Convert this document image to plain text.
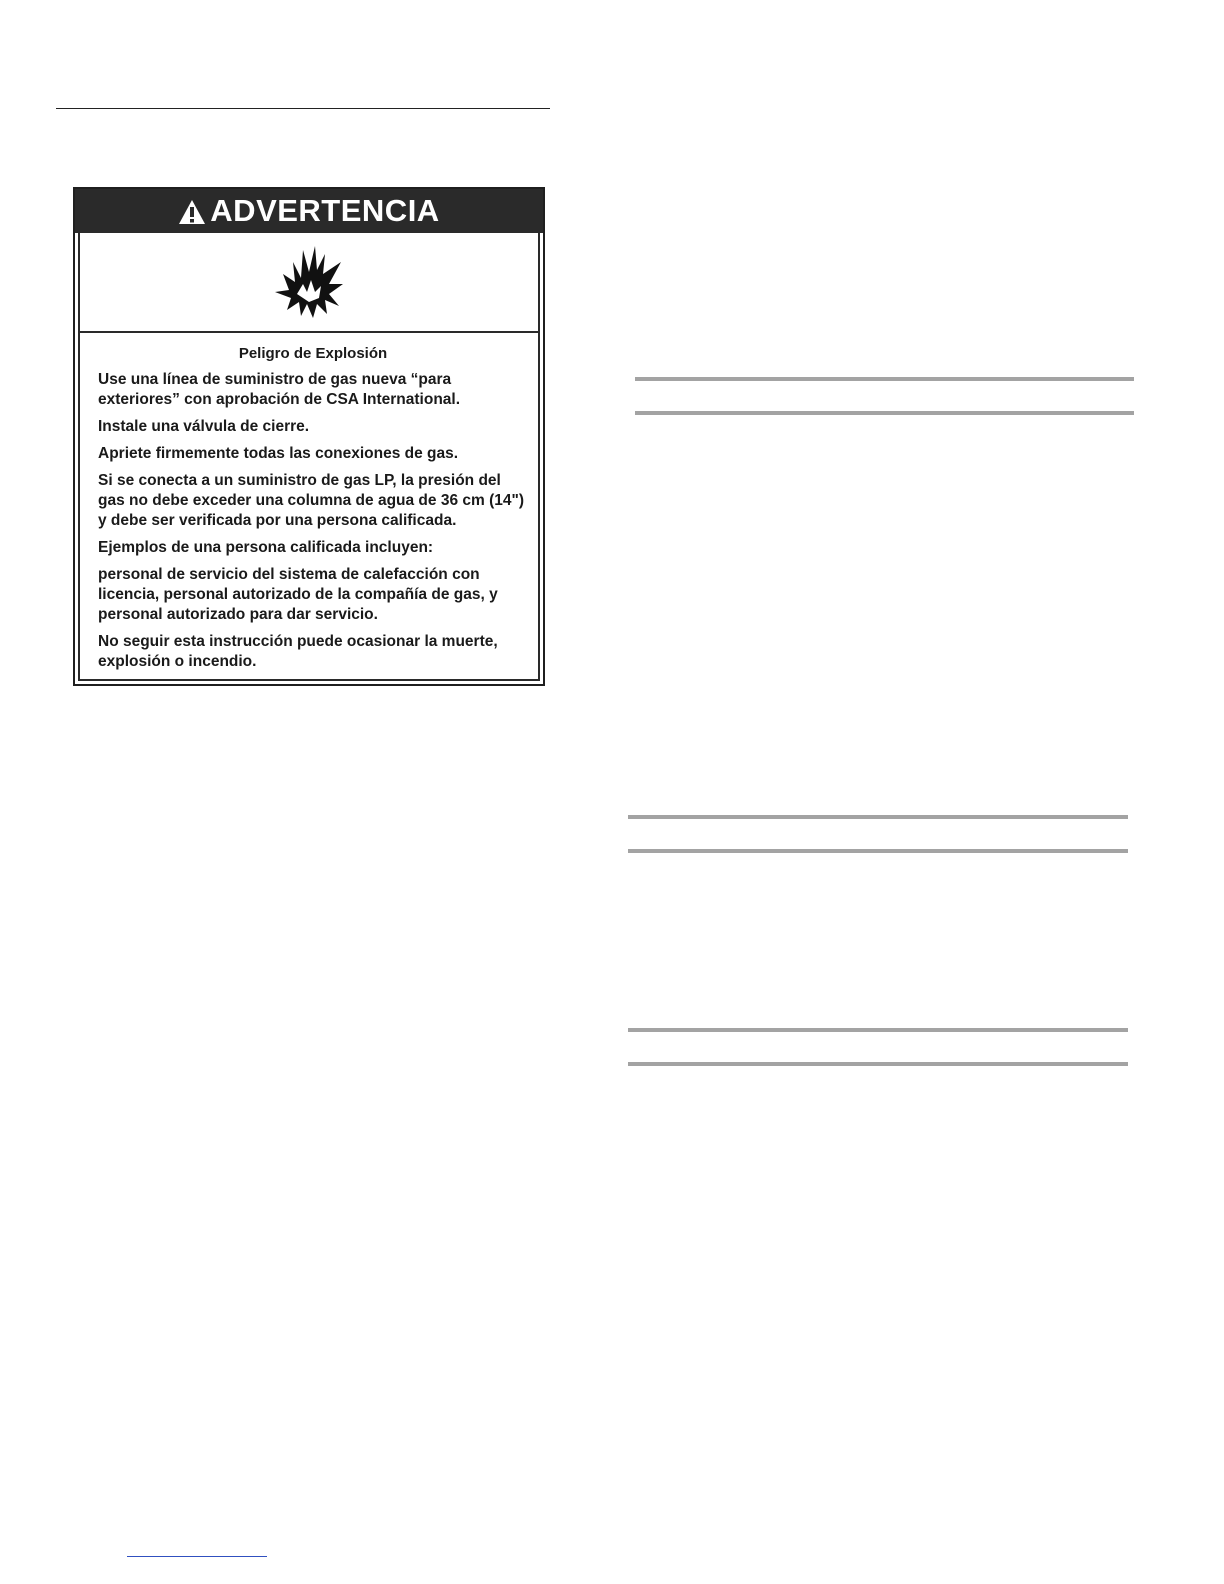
ADVERTENCIA

Peligro de Explosión

Use una línea de suministro de gas nueva “para exteriores” con aprobación de CSA International.

Instale una válvula de cierre.

Apriete firmemente todas las conexiones de gas.

Si se conecta a un suministro de gas LP, la presión del gas no debe exceder una columna de agua de 36 cm (14") y debe ser verificada por una persona calificada.

Ejemplos de una persona calificada incluyen:

personal de servicio del sistema de calefacción con licencia, personal autorizado de la compañía de gas, y personal autorizado para dar servicio.

No seguir esta instrucción puede ocasionar la muerte, explosión o incendio.
